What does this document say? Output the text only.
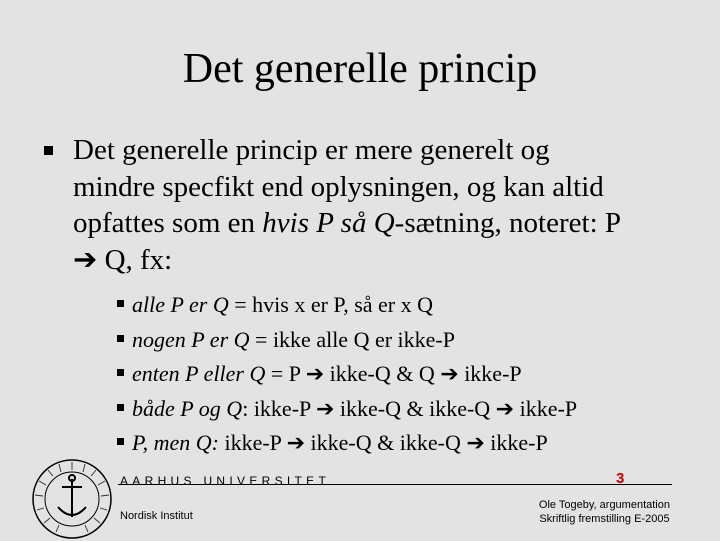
Det generelle princip
Det generelle princip er mere generelt og
mindre specfikt end oplysningen, og kan altid
opfattes som en hvis P så Q-sætning, noteret: P
➔ Q, fx:
alle P er Q = hvis x er P, så er x Q
nogen P er Q = ikke alle Q er ikke-P
enten P eller Q = P ➔ ikke-Q & Q ➔ ikke-P
både P og Q: ikke-P ➔ ikke-Q & ikke-Q ➔ ikke-P
P, men Q: ikke-P ➔ ikke-Q & ikke-Q ➔ ikke-P
AARHUS UNIVERSITET	3
Nordisk Institut
Ole Togeby, argumentation
Skriftlig fremstilling E-2005
